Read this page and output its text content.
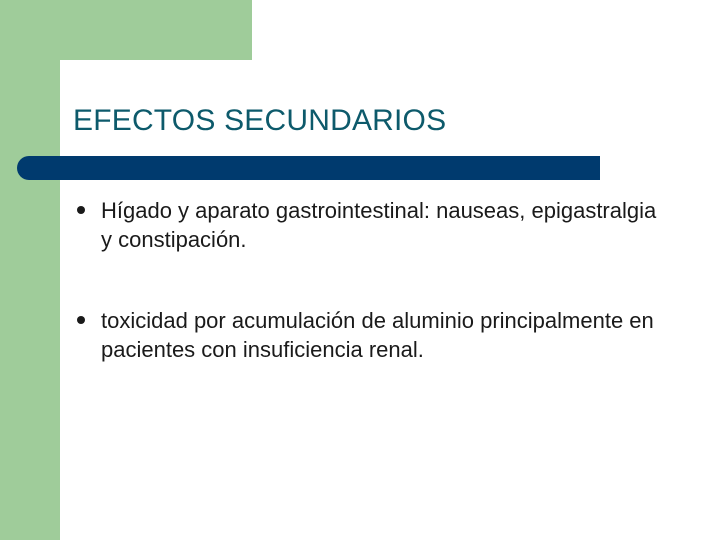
EFECTOS SECUNDARIOS
Hígado y aparato gastrointestinal: nauseas, epigastralgia y constipación.
toxicidad por acumulación de aluminio principalmente en pacientes con insuficiencia renal.
